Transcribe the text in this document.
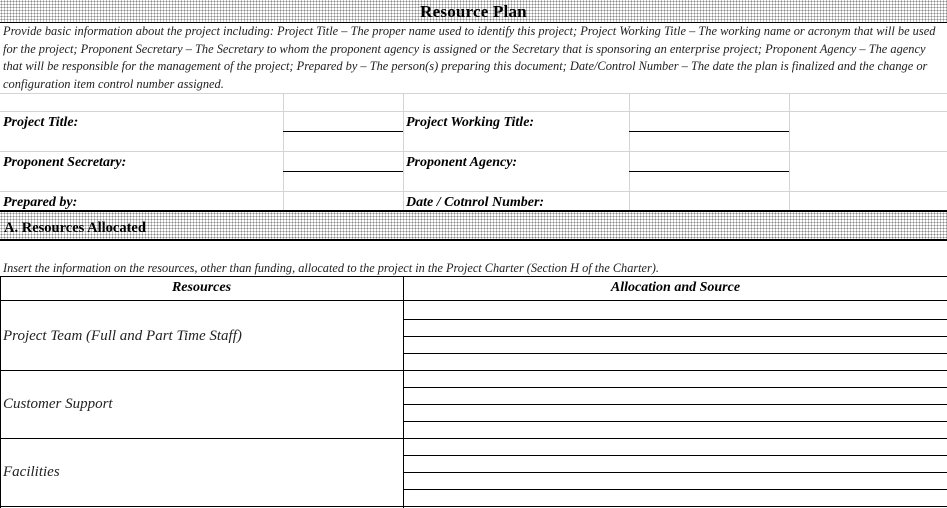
Resource Plan
Provide basic information about the project including: Project Title – The proper name used to identify this project; Project Working Title – The working name or acronym that will be used for the project; Proponent Secretary – The Secretary to whom the proponent agency is assigned or the Secretary that is sponsoring an enterprise project; Proponent Agency – The agency that will be responsible for the management of the project; Prepared by – The person(s) preparing this document; Date/Control Number – The date the plan is finalized and the change or configuration item control number assigned.
Project Title:	Project Working Title:
Proponent Secretary:	Proponent Agency:
Prepared by:	Date / Cotnrol Number:
A. Resources Allocated
Insert the information on the resources, other than funding, allocated to the project in the Project Charter (Section H of the Charter).
Resources	Allocation and Source
Project Team (Full and Part Time Staff)
Customer Support
Facilities
